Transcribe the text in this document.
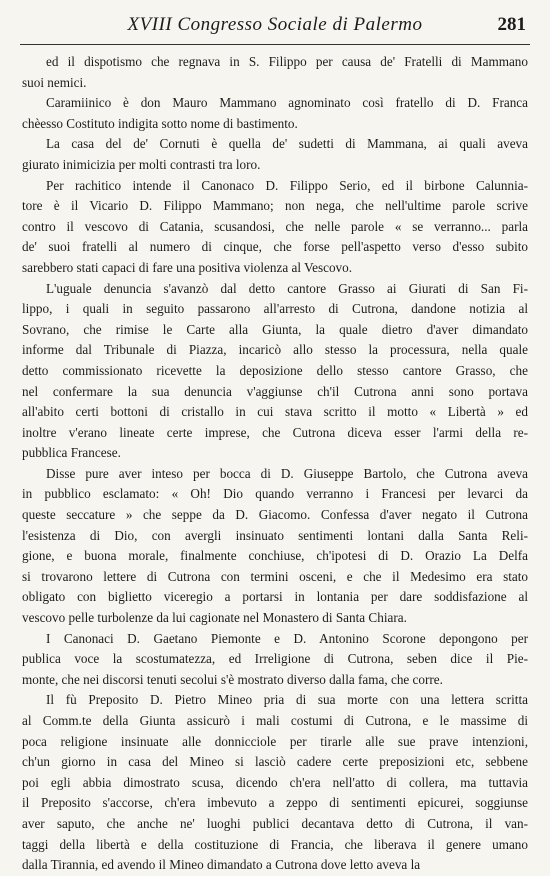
XVIII Congresso Sociale di Palermo	281
ed il dispotismo che regnava in S. Filippo per causa de' Fratelli di Mammano
suoi nemici.
Caramiinico è don Mauro Mammano agnominato così fratello di D. Franca
chèesso Costituto indigita sotto nome di bastimento.
La casa del de' Cornuti è quella de' sudetti di Mammana, ai quali aveva
giurato inimicizia per molti contrasti tra loro.
Per rachitico intende il Canonaco D. Filippo Serio, ed il birbone Calunnia-
tore è il Vicario D. Filippo Mammano; non nega, che nell'ultime parole scrive
contro il vescovo di Catania, scusandosi, che nelle parole « se verranno... parla
de' suoi fratelli al numero di cinque, che forse pell'aspetto verso d'esso subito
sarebbero stati capaci di fare una positiva violenza al Vescovo.
L'uguale denuncia s'avanzò dal detto cantore Grasso ai Giurati di San Fi-
lippo, i quali in seguito passarono all'arresto di Cutrona, dandone notizia al
Sovrano, che rimise le Carte alla Giunta, la quale dietro d'aver dimandato
informe dal Tribunale di Piazza, incaricò allo stesso la processura, nella quale
detto commissionato ricevette la deposizione dello stesso cantore Grasso, che
nel confermare la sua denuncia v'aggiunse ch'il Cutrona anni sono portava
all'abito certi bottoni di cristallo in cui stava scritto il motto « Libertà » ed
inoltre v'erano lineate certe imprese, che Cutrona diceva esser l'armi della re-
pubblica Francese.
Disse pure aver inteso per bocca di D. Giuseppe Bartolo, che Cutrona aveva
in pubblico esclamato: « Oh! Dio quando verranno i Francesi per levarci da
queste seccature » che seppe da D. Giacomo. Confessa d'aver negato il Cutrona
l'esistenza di Dio, con avergli insinuato sentimenti lontani dalla Santa Reli-
gione, e buona morale, finalmente conchiuse, ch'ipotesi di D. Orazio La Delfa
si trovarono lettere di Cutrona con termini osceni, e che il Medesimo era stato
obligato con biglietto viceregio a portarsi in lontania per dare soddisfazione al
vescovo pelle turbolenze da lui cagionate nel Monastero di Santa Chiara.
I Canonaci D. Gaetano Piemonte e D. Antonino Scorone depongono per
publica voce la scostumatezza, ed Irreligione di Cutrona, seben dice il Pie-
monte, che nei discorsi tenuti secolui s'è mostrato diverso dalla fama, che corre.
Il fù Preposito D. Pietro Mineo pria di sua morte con una lettera scritta
al Comm.te della Giunta assicurò i mali costumi di Cutrona, e le massime di
poca religione insinuate alle donnicciole per tirarle alle sue prave intenzioni,
ch'un giorno in casa del Mineo si lasciò cadere certe preposizioni etc, sebbene
poi egli abbia dimostrato scusa, dicendo ch'era nell'atto di collera, ma tuttavia
il Preposito s'accorse, ch'era imbevuto a zeppo di sentimenti epicurei, soggiunse
aver saputo, che anche ne' luoghi publici decantava detto di Cutrona, il van-
taggi della libertà e della costituzione di Francia, che liberava il genere umano
dalla Tirannia, ed avendo il Mineo dimandato a Cutrona dove letto aveva la
